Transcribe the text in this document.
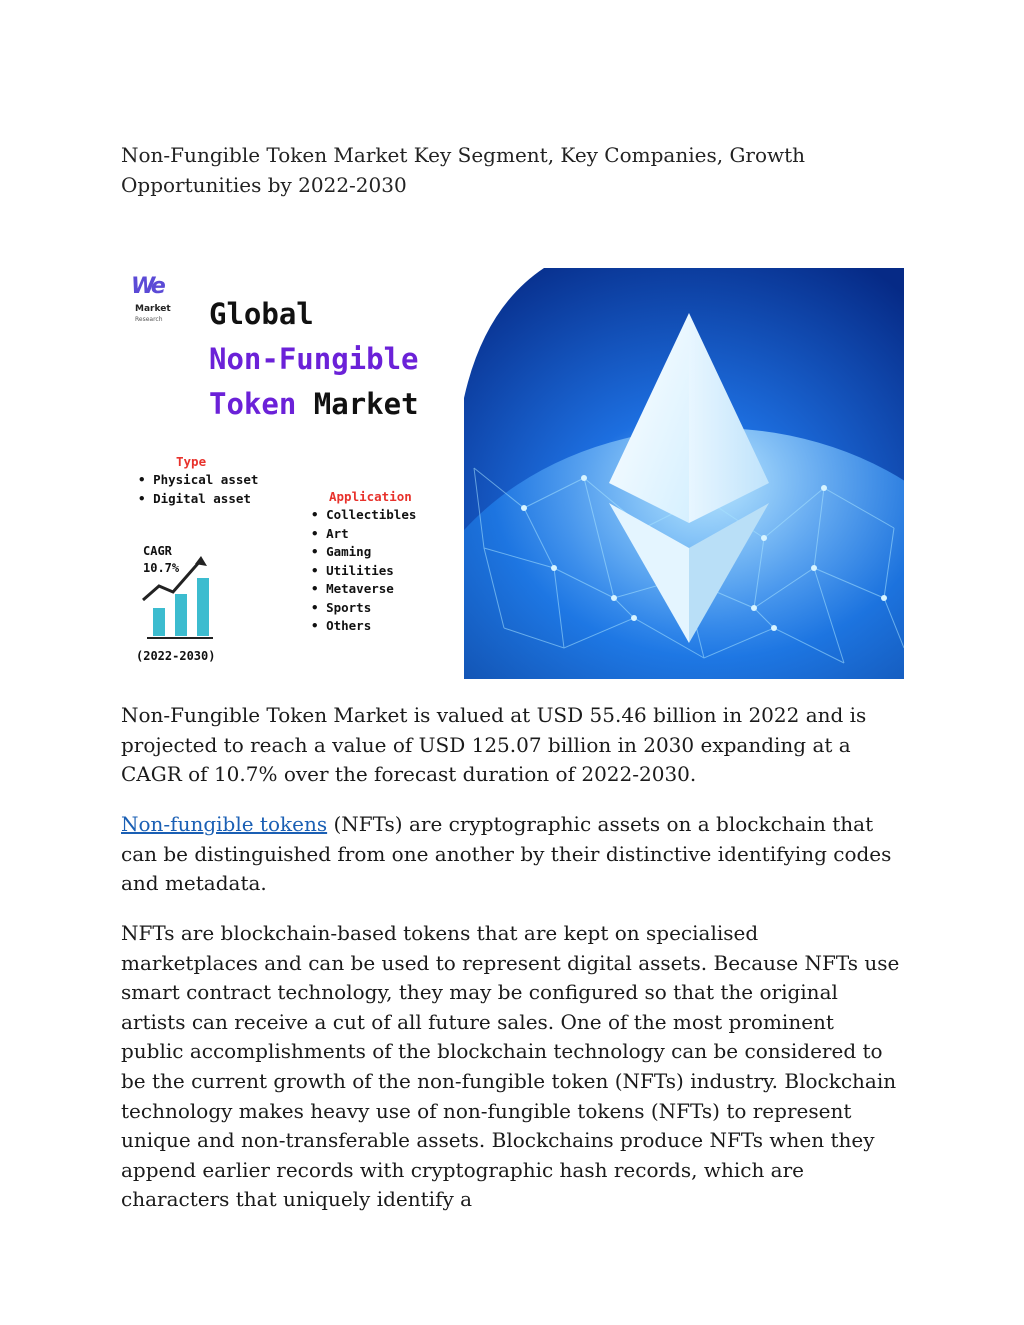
Non-Fungible Token Market Key Segment, Key Companies, Growth Opportunities by 2022-2030
We
Market
Research Global
Non-Fungible
Token Market
Type
• Physical asset
• Digital asset	Application
• Collectibles
• Art
• Gaming
• Utilities
• Metaverse
• Sports
• Others
CAGR
10.7%
(2022-2030)

Non-Fungible Token Market is valued at USD 55.46 billion in 2022 and is projected to reach a value of USD 125.07 billion in 2030 expanding at a CAGR of 10.7% over the forecast duration of 2022-2030.

Non-fungible tokens (NFTs) are cryptographic assets on a blockchain that can be distinguished from one another by their distinctive identifying codes and metadata.

NFTs are blockchain-based tokens that are kept on specialised marketplaces and can be used to represent digital assets. Because NFTs use smart contract technology, they may be configured so that the original artists can receive a cut of all future sales. One of the most prominent public accomplishments of the blockchain technology can be considered to be the current growth of the non-fungible token (NFTs) industry. Blockchain technology makes heavy use of non-fungible tokens (NFTs) to represent unique and non-transferable assets. Blockchains produce NFTs when they append earlier records with cryptographic hash records, which are characters that uniquely identify a
